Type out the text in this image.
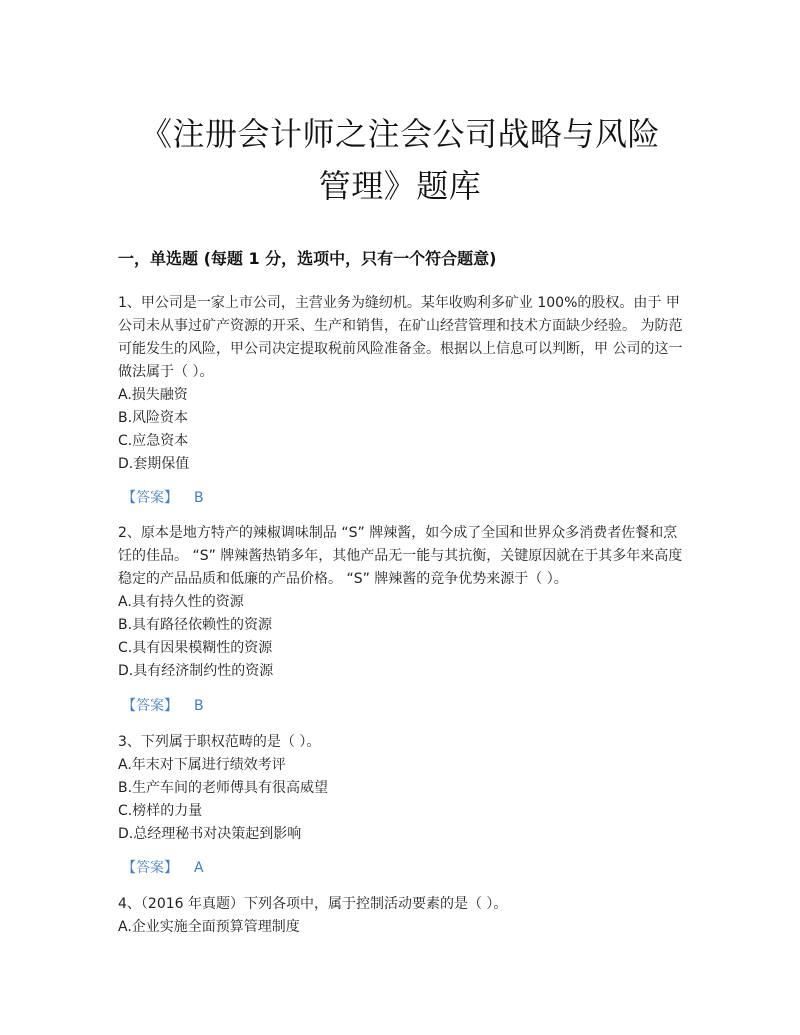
《注册会计师之注会公司战略与风险
管理》题库
一，单选题 (每题 1 分，选项中，只有一个符合题意)

1、甲公司是一家上市公司，主营业务为缝纫机。某年收购利多矿业 100%的股权。由于 甲公司未从事过矿产资源的开采、生产和销售，在矿山经营管理和技术方面缺少经验。 为防范可能发生的风险，甲公司决定提取税前风险准备金。根据以上信息可以判断，甲 公司的这一做法属于（ ）。

A.损失融资

B.风险资本

C.应急资本

D.套期保值

【答案】 B

2、原本是地方特产的辣椒调味制品 “S” 牌辣酱，如今成了全国和世界众多消费者佐餐和烹饪的佳品。 “S” 牌辣酱热销多年，其他产品无一能与其抗衡，关键原因就在于其多年来高度稳定的产品品质和低廉的产品价格。 “S” 牌辣酱的竞争优势来源于（ ）。

A.具有持久性的资源

B.具有路径依赖性的资源

C.具有因果模糊性的资源

D.具有经济制约性的资源

【答案】 B

3、下列属于职权范畴的是（ ）。

A.年末对下属进行绩效考评

B.生产车间的老师傅具有很高威望

C.榜样的力量

D.总经理秘书对决策起到影响

【答案】 A

4、（2016 年真题）下列各项中，属于控制活动要素的是（ ）。

A.企业实施全面预算管理制度
